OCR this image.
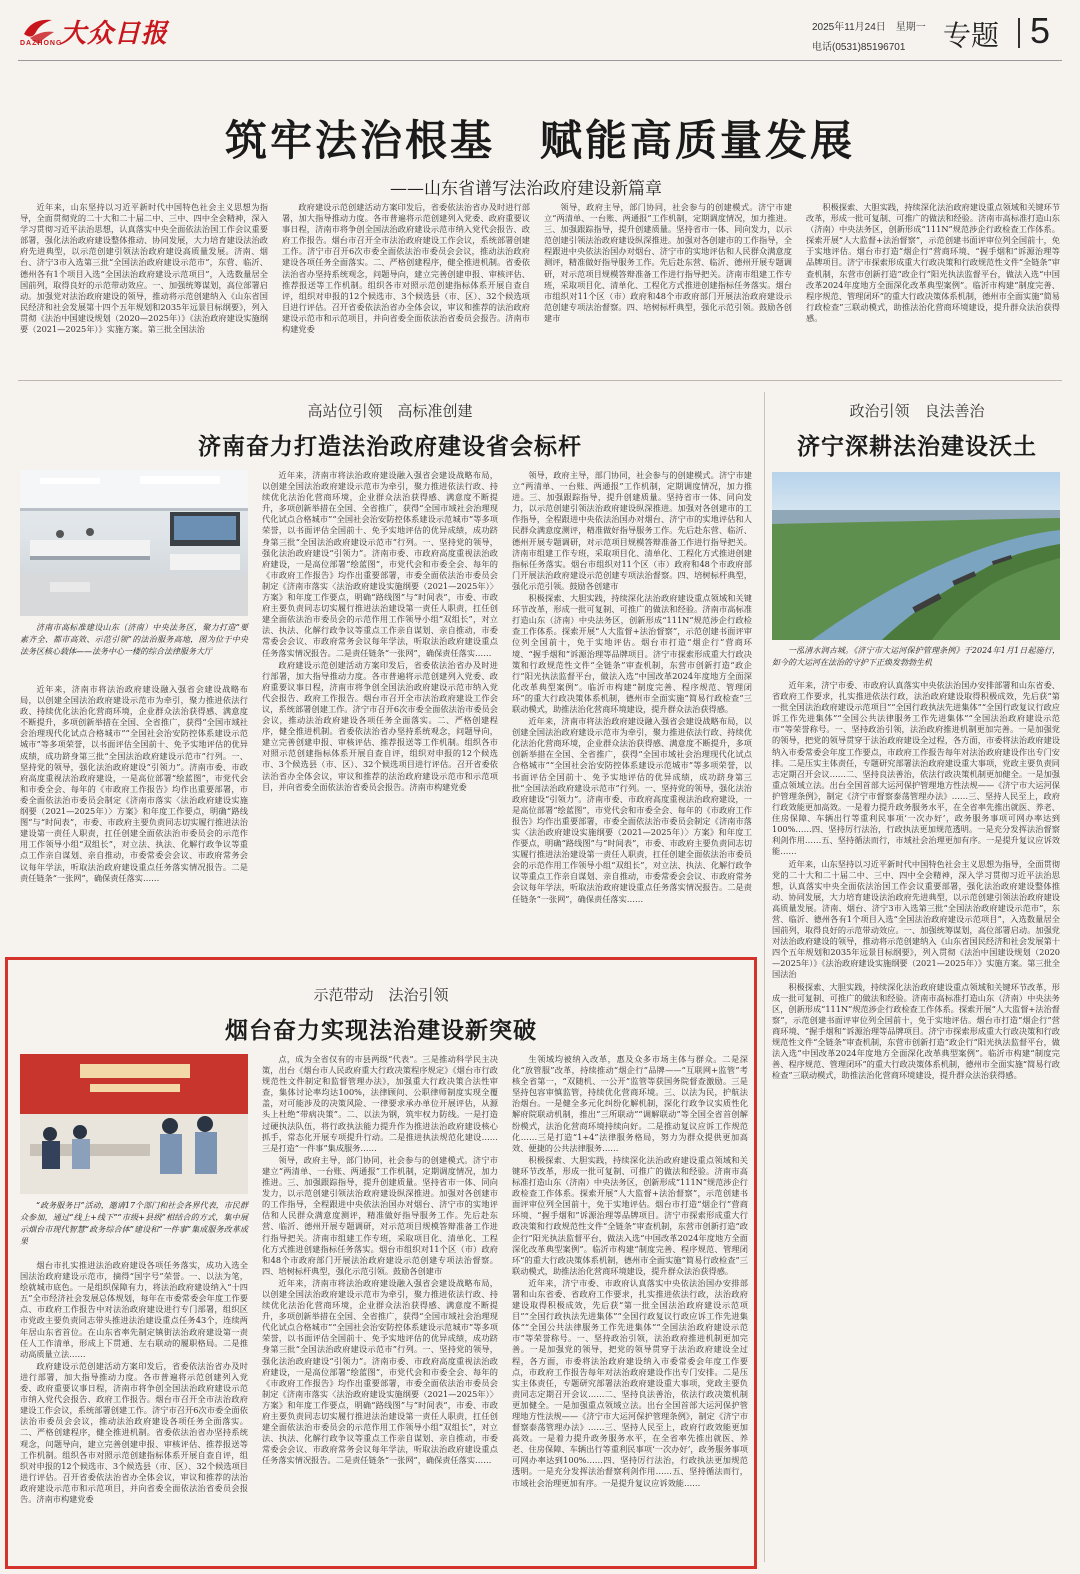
大众日报
DAZHONG
2025年11月24日　星期一
电话(0531)85196701 专题 5
筑牢法治根基　赋能高质量发展
——山东省谱写法治政府建设新篇章

近年来，山东坚持以习近平新时代中国特色社会主义思想为指导，全面贯彻党的二十大和二十届二中、三中、四中全会精神，深入学习贯彻习近平法治思想，认真落实中央全面依法治国工作会议重要部署，强化法治政府建设整体推动、协同发展，大力培育建设法治政府先进典型，以示范创建引领法治政府建设高质量发展。济南、烟台、济宁3市入选第三批“全国法治政府建设示范市”，东营、临沂、德州各有1个项目入选“全国法治政府建设示范项目”，入选数量居全国前列，取得良好的示范带动效应。一、加强统筹谋划，高位部署启动。加强党对法治政府建设的领导，推动将示范创建纳入《山东省国民经济和社会发展第十四个五年规划和2035年远景目标纲要》，列入贯彻《法治中国建设规划（2020—2025年）》《法治政府建设实施纲要（2021—2025年）》实施方案。第三批全国法治

政府建设示范创建活动方案印发后，省委依法治省办及时进行部署，加大指导推动力度。各市普遍将示范创建列入党委、政府重要议事日程，济南市将争创全国法治政府建设示范市纳入党代会报告、政府工作报告。烟台市召开全市法治政府建设工作会议，系统部署创建工作。济宁市召开6次市委全面依法治市委员会会议，推动法治政府建设各项任务全面落实。二、严格创建程序，健全推进机制。省委依法治省办坚持系统观念，问题导向，建立完善创建申报、审核评估、推荐报送等工作机制。组织各市对照示范创建指标体系开展自查自评，组织对申报的12个候选市、3个候选县（市、区）、32个候选项目进行评估。召开省委依法治省办全体会议，审议和推荐的法治政府建设示范市和示范项目，并向省委全面依法治省委员会报告。济南市构建党委

领导，政府主导，部门协同，社会参与的创建模式。济宁市建立“两清单、一台账、两通报”工作机制，定期调度情况，加力推进。三、加强跟踪指导，提升创建质量。坚持省市一体、同向发力，以示范创建引领法治政府建设纵深推进。加强对各创建市的工作指导，全程跟进中央依法治国办对烟台、济宁市的实地评估和人民群众满意度测评，精准做好指导服务工作。先后赴东营、临沂、德州开展专题调研，对示范项目规模答辩准备工作进行指导把关。济南市组建工作专班，采取项目化、清单化、工程化方式推进创建指标任务落实。烟台市组织对11个区（市）政府和48个市政府部门开展法治政府建设示范创建专项法治督察。四、培树标杆典型，强化示范引领。鼓励各创建市

积极探索、大胆实践，持续深化法治政府建设重点领域和关键环节改革，形成一批可复制、可推广的做法和经验。济南市高标准打造山东（济南）中央法务区，创新形成“111N”规范涉企行政检查工作体系。探索开展“人大监督+法治督察”，示范创建书面评审位列全国前十，免于实地评估。烟台市打造“烟企行”营商环境、“握手烟和”诉源治理等品牌项目。济宁市探索形成重大行政决策和行政规范性文件“全链条”审查机制，东营市创新打造“政企行”阳光执法监督平台，做法入选“中国改革2024年度地方全面深化改革典型案例”。临沂市构建“制度完善、程序规范、管理闭环”的重大行政决策体系机制，德州市全面实施“简易行政检查”三联动模式，助推法治化营商环境建设，提升群众法治获得感。

高站位引领　高标准创建
济南奋力打造法治政府建设省会标杆
济南市高标准建设山东（济南）中央法务区，聚力打造“要素齐全、都市高效、示范引领”的法治服务高地，图为位于中央法务区核心载体——法务中心一楼的综合法律服务大厅

近年来，济南市将法治政府建设融入强省会建设战略布局，以创建全国法治政府建设示范市为牵引，聚力推进依法行政、持续优化法治化营商环境，企业群众法治获得感、满意度不断提升，多项创新举措在全国、全省推广，获得“全国市域社会治理现代化试点合格城市”“全国社会治安防控体系建设示范城市”等多项荣誉，以书面评估全国前十、免予实地评估的优异成绩，成功跻身第三批“全国法治政府建设示范市”行列。一、坚持党的领导，强化法治政府建设“引领力”。济南市委、市政府高度重视法治政府建设，一是高位部署“绘蓝图”，市党代会和市委全会、每年的《市政府工作报告》均作出重要部署，市委全面依法治市委员会制定《济南市落实〈法治政府建设实施纲要（2021—2025年）〉方案》和年度工作要点，明确“路线图”与“时间表”，市委、市政府主要负责同志切实履行推进法治建设第一责任人职责，扛任创建全面依法治市委员会的示范作用工作领导小组“双组长”，对立法、执法、化解行政争议等重点工作亲自谋划、亲自推动，市委常委会会议、市政府常务会议每年学法，听取法治政府建设重点任务落实情况报告。二是责任链条“一张网”，确保责任落实……

近年来，济南市将法治政府建设融入强省会建设战略布局，以创建全国法治政府建设示范市为牵引，聚力推进依法行政、持续优化法治化营商环境，企业群众法治获得感、满意度不断提升，多项创新举措在全国、全省推广，获得“全国市域社会治理现代化试点合格城市”“全国社会治安防控体系建设示范城市”等多项荣誉，以书面评估全国前十、免予实地评估的优异成绩，成功跻身第三批“全国法治政府建设示范市”行列。一、坚持党的领导，强化法治政府建设“引领力”。济南市委、市政府高度重视法治政府建设，一是高位部署“绘蓝图”，市党代会和市委全会、每年的《市政府工作报告》均作出重要部署，市委全面依法治市委员会制定《济南市落实〈法治政府建设实施纲要（2021—2025年）〉方案》和年度工作要点，明确“路线图”与“时间表”，市委、市政府主要负责同志切实履行推进法治建设第一责任人职责，扛任创建全面依法治市委员会的示范作用工作领导小组“双组长”，对立法、执法、化解行政争议等重点工作亲自谋划、亲自推动，市委常委会会议、市政府常务会议每年学法，听取法治政府建设重点任务落实情况报告。二是责任链条“一张网”，确保责任落实……

政府建设示范创建活动方案印发后，省委依法治省办及时进行部署，加大指导推动力度。各市普遍将示范创建列入党委、政府重要议事日程，济南市将争创全国法治政府建设示范市纳入党代会报告、政府工作报告。烟台市召开全市法治政府建设工作会议，系统部署创建工作。济宁市召开6次市委全面依法治市委员会会议，推动法治政府建设各项任务全面落实。二、严格创建程序，健全推进机制。省委依法治省办坚持系统观念，问题导向，建立完善创建申报、审核评估、推荐报送等工作机制。组织各市对照示范创建指标体系开展自查自评，组织对申报的12个候选市、3个候选县（市、区）、32个候选项目进行评估。召开省委依法治省办全体会议，审议和推荐的法治政府建设示范市和示范项目，并向省委全面依法治省委员会报告。济南市构建党委

领导，政府主导，部门协同，社会参与的创建模式。济宁市建立“两清单、一台账、两通报”工作机制，定期调度情况，加力推进。三、加强跟踪指导，提升创建质量。坚持省市一体、同向发力，以示范创建引领法治政府建设纵深推进。加强对各创建市的工作指导，全程跟进中央依法治国办对烟台、济宁市的实地评估和人民群众满意度测评，精准做好指导服务工作。先后赴东营、临沂、德州开展专题调研，对示范项目规模答辩准备工作进行指导把关。济南市组建工作专班，采取项目化、清单化、工程化方式推进创建指标任务落实。烟台市组织对11个区（市）政府和48个市政府部门开展法治政府建设示范创建专项法治督察。四、培树标杆典型，强化示范引领。鼓励各创建市

积极探索、大胆实践，持续深化法治政府建设重点领域和关键环节改革，形成一批可复制、可推广的做法和经验。济南市高标准打造山东（济南）中央法务区，创新形成“111N”规范涉企行政检查工作体系。探索开展“人大监督+法治督察”，示范创建书面评审位列全国前十，免于实地评估。烟台市打造“烟企行”营商环境、“握手烟和”诉源治理等品牌项目。济宁市探索形成重大行政决策和行政规范性文件“全链条”审查机制，东营市创新打造“政企行”阳光执法监督平台，做法入选“中国改革2024年度地方全面深化改革典型案例”。临沂市构建“制度完善、程序规范、管理闭环”的重大行政决策体系机制，德州市全面实施“简易行政检查”三联动模式，助推法治化营商环境建设，提升群众法治获得感。

近年来，济南市将法治政府建设融入强省会建设战略布局，以创建全国法治政府建设示范市为牵引，聚力推进依法行政、持续优化法治化营商环境，企业群众法治获得感、满意度不断提升，多项创新举措在全国、全省推广，获得“全国市域社会治理现代化试点合格城市”“全国社会治安防控体系建设示范城市”等多项荣誉，以书面评估全国前十、免予实地评估的优异成绩，成功跻身第三批“全国法治政府建设示范市”行列。一、坚持党的领导，强化法治政府建设“引领力”。济南市委、市政府高度重视法治政府建设，一是高位部署“绘蓝图”，市党代会和市委全会、每年的《市政府工作报告》均作出重要部署，市委全面依法治市委员会制定《济南市落实〈法治政府建设实施纲要（2021—2025年）〉方案》和年度工作要点，明确“路线图”与“时间表”，市委、市政府主要负责同志切实履行推进法治建设第一责任人职责，扛任创建全面依法治市委员会的示范作用工作领导小组“双组长”，对立法、执法、化解行政争议等重点工作亲自谋划、亲自推动，市委常委会会议、市政府常务会议每年学法，听取法治政府建设重点任务落实情况报告。二是责任链条“一张网”，确保责任落实……

政治引领　良法善治
济宁深耕法治建设沃土
一泓清水润古城。《济宁市大运河保护管理条例》于2024年1月1日起施行，如今的大运河在法治的守护下正焕发勃勃生机

近年来，济宁市委、市政府认真落实中央依法治国办安排部署和山东省委、省政府工作要求，扎实推进依法行政，法治政府建设取得积极成效，先后获“第一批全国法治政府建设示范项目”“全国行政执法先进集体”“全国行政复议行政应诉工作先进集体”“全国公共法律服务工作先进集体”“全国法治政府建设示范市”等荣誉称号。一、坚持政治引领，法治政府推进机制更加完善。一是加强党的领导，把党的领导贯穿于法治政府建设全过程，各方面，市委将法治政府建设纳入市委常委会年度工作要点，市政府工作报告每年对法治政府建设作出专门安排。二是压实主体责任，专题研究部署法治政府建设重大事项，党政主要负责同志定期召开会议……二、坚持良法善治，依法行政决策机制更加健全。一是加强重点领域立法。出台全国首部大运河保护管理地方性法规——《济宁市大运河保护管理条例》，制定《济宁市督察泰荡管理办法》……三、坚持人民至上，政府行政效能更加高效。一是着力提升政务服务水平，在全省率先推出就医、养老、住房保障、车辆出行等重利民事项‘一次办好’，政务服务事项可网办率达到100%……四、坚持厉行法治，行政执法更加规范透明。一是充分发挥法治督察利剑作用……五、坚持循法而行，市域社会治理更加有序。一是提升复议应诉效能……

近年来，山东坚持以习近平新时代中国特色社会主义思想为指导，全面贯彻党的二十大和二十届二中、三中、四中全会精神，深入学习贯彻习近平法治思想，认真落实中央全面依法治国工作会议重要部署，强化法治政府建设整体推动、协同发展，大力培育建设法治政府先进典型，以示范创建引领法治政府建设高质量发展。济南、烟台、济宁3市入选第三批“全国法治政府建设示范市”，东营、临沂、德州各有1个项目入选“全国法治政府建设示范项目”，入选数量居全国前列，取得良好的示范带动效应。一、加强统筹谋划，高位部署启动。加强党对法治政府建设的领导，推动将示范创建纳入《山东省国民经济和社会发展第十四个五年规划和2035年远景目标纲要》，列入贯彻《法治中国建设规划（2020—2025年）》《法治政府建设实施纲要（2021—2025年）》实施方案。第三批全国法治

积极探索、大胆实践，持续深化法治政府建设重点领域和关键环节改革，形成一批可复制、可推广的做法和经验。济南市高标准打造山东（济南）中央法务区，创新形成“111N”规范涉企行政检查工作体系。探索开展“人大监督+法治督察”，示范创建书面评审位列全国前十，免于实地评估。烟台市打造“烟企行”营商环境、“握手烟和”诉源治理等品牌项目。济宁市探索形成重大行政决策和行政规范性文件“全链条”审查机制，东营市创新打造“政企行”阳光执法监督平台，做法入选“中国改革2024年度地方全面深化改革典型案例”。临沂市构建“制度完善、程序规范、管理闭环”的重大行政决策体系机制，德州市全面实施“简易行政检查”三联动模式，助推法治化营商环境建设，提升群众法治获得感。

示范带动　法治引领
烟台奋力实现法治建设新突破
“政务服务日”活动，邀请17个部门和社会各界代表，市民群众参加，通过“线上+线下”“市级+县级”相结合的方式，集中展示烟台市现代智慧“政务综合体”建设和“一件事”集成服务改革成果

烟台市扎实推进法治政府建设各项任务落实，成功入选全国法治政府建设示范市，摘得“国字号”荣誉。一、以法为笔，绘就城市底色。一是组织保障有力，将法治政府建设纳入“十四五”全市经济社会发展总体规划，每年在市委常委会年度工作要点、市政府工作报告中对法治政府建设进行专门部署，组织区市党政主要负责同志带头推进法治建设重点任务43个，连续两年居山东省首位。在山东省率先制定镇街法治政府建设第一责任人工作清单，形成上下贯通、左右联动的履职格局。二是推动高质量立法……

政府建设示范创建活动方案印发后，省委依法治省办及时进行部署，加大指导推动力度。各市普遍将示范创建列入党委、政府重要议事日程，济南市将争创全国法治政府建设示范市纳入党代会报告、政府工作报告。烟台市召开全市法治政府建设工作会议，系统部署创建工作。济宁市召开6次市委全面依法治市委员会会议，推动法治政府建设各项任务全面落实。二、严格创建程序，健全推进机制。省委依法治省办坚持系统观念，问题导向，建立完善创建申报、审核评估、推荐报送等工作机制。组织各市对照示范创建指标体系开展自查自评，组织对申报的12个候选市、3个候选县（市、区）、32个候选项目进行评估。召开省委依法治省办全体会议，审议和推荐的法治政府建设示范市和示范项目，并向省委全面依法治省委员会报告。济南市构建党委

点，成为全省仅有的市县两级“代表”。三是推动科学民主决策，出台《烟台市人民政府重大行政决策程序规定》《烟台市行政规范性文件制定和监督管理办法》，加强重大行政决策合法性审查，集体讨论率均达100%，法律顾问、公职律师制度实现全覆盖，对可能涉及的决策风险、一律要求承办单位开展评估，从源头上杜绝“带病决策”。二、以法为钢，筑牢权力防线。一是打造过硬执法队伍，将行政执法能力提升作为推进法治政府建设核心抓手，常态化开展专项提升行动。二是推进执法规范化建设……三是打造“一件事”集成服务……

领导，政府主导，部门协同，社会参与的创建模式。济宁市建立“两清单、一台账、两通报”工作机制，定期调度情况，加力推进。三、加强跟踪指导，提升创建质量。坚持省市一体、同向发力，以示范创建引领法治政府建设纵深推进。加强对各创建市的工作指导，全程跟进中央依法治国办对烟台、济宁市的实地评估和人民群众满意度测评，精准做好指导服务工作。先后赴东营、临沂、德州开展专题调研，对示范项目规模答辩准备工作进行指导把关。济南市组建工作专班，采取项目化、清单化、工程化方式推进创建指标任务落实。烟台市组织对11个区（市）政府和48个市政府部门开展法治政府建设示范创建专项法治督察。四、培树标杆典型，强化示范引领。鼓励各创建市

近年来，济南市将法治政府建设融入强省会建设战略布局，以创建全国法治政府建设示范市为牵引，聚力推进依法行政、持续优化法治化营商环境，企业群众法治获得感、满意度不断提升，多项创新举措在全国、全省推广，获得“全国市域社会治理现代化试点合格城市”“全国社会治安防控体系建设示范城市”等多项荣誉，以书面评估全国前十、免予实地评估的优异成绩，成功跻身第三批“全国法治政府建设示范市”行列。一、坚持党的领导，强化法治政府建设“引领力”。济南市委、市政府高度重视法治政府建设，一是高位部署“绘蓝图”，市党代会和市委全会、每年的《市政府工作报告》均作出重要部署，市委全面依法治市委员会制定《济南市落实〈法治政府建设实施纲要（2021—2025年）〉方案》和年度工作要点，明确“路线图”与“时间表”，市委、市政府主要负责同志切实履行推进法治建设第一责任人职责，扛任创建全面依法治市委员会的示范作用工作领导小组“双组长”，对立法、执法、化解行政争议等重点工作亲自谋划、亲自推动，市委常委会会议、市政府常务会议每年学法，听取法治政府建设重点任务落实情况报告。二是责任链条“一张网”，确保责任落实……

生领域均被纳入改革，惠及众多市场主体与群众。二是深化“放管服”改革，持续推动“烟企行”品牌——“互联网+监管”考核全省第一，“双随机、一公开”监管等获国务院督查激励。三是坚持包容审慎监管，持续优化营商环境。三、以法为民，护航法治烟台。一是健全多元化纠纷化解机制，深化行政争议实质性化解府院联动机制，推出“三所联动”“调解联动”等全国全省首创解纷模式，法治化营商环境持续向好。二是推动复议应诉工作规范化……三是打造“1+4”法律服务格局，努力为群众提供更加高效、便捷的公共法律服务……

积极探索、大胆实践，持续深化法治政府建设重点领域和关键环节改革，形成一批可复制、可推广的做法和经验。济南市高标准打造山东（济南）中央法务区，创新形成“111N”规范涉企行政检查工作体系。探索开展“人大监督+法治督察”，示范创建书面评审位列全国前十，免于实地评估。烟台市打造“烟企行”营商环境、“握手烟和”诉源治理等品牌项目。济宁市探索形成重大行政决策和行政规范性文件“全链条”审查机制，东营市创新打造“政企行”阳光执法监督平台，做法入选“中国改革2024年度地方全面深化改革典型案例”。临沂市构建“制度完善、程序规范、管理闭环”的重大行政决策体系机制，德州市全面实施“简易行政检查”三联动模式，助推法治化营商环境建设，提升群众法治获得感。

近年来，济宁市委、市政府认真落实中央依法治国办安排部署和山东省委、省政府工作要求，扎实推进依法行政，法治政府建设取得积极成效，先后获“第一批全国法治政府建设示范项目”“全国行政执法先进集体”“全国行政复议行政应诉工作先进集体”“全国公共法律服务工作先进集体”“全国法治政府建设示范市”等荣誉称号。一、坚持政治引领，法治政府推进机制更加完善。一是加强党的领导，把党的领导贯穿于法治政府建设全过程，各方面，市委将法治政府建设纳入市委常委会年度工作要点，市政府工作报告每年对法治政府建设作出专门安排。二是压实主体责任，专题研究部署法治政府建设重大事项，党政主要负责同志定期召开会议……二、坚持良法善治，依法行政决策机制更加健全。一是加强重点领域立法。出台全国首部大运河保护管理地方性法规——《济宁市大运河保护管理条例》，制定《济宁市督察泰荡管理办法》……三、坚持人民至上，政府行政效能更加高效。一是着力提升政务服务水平，在全省率先推出就医、养老、住房保障、车辆出行等重利民事项‘一次办好’，政务服务事项可网办率达到100%……四、坚持厉行法治，行政执法更加规范透明。一是充分发挥法治督察利剑作用……五、坚持循法而行，市域社会治理更加有序。一是提升复议应诉效能……
